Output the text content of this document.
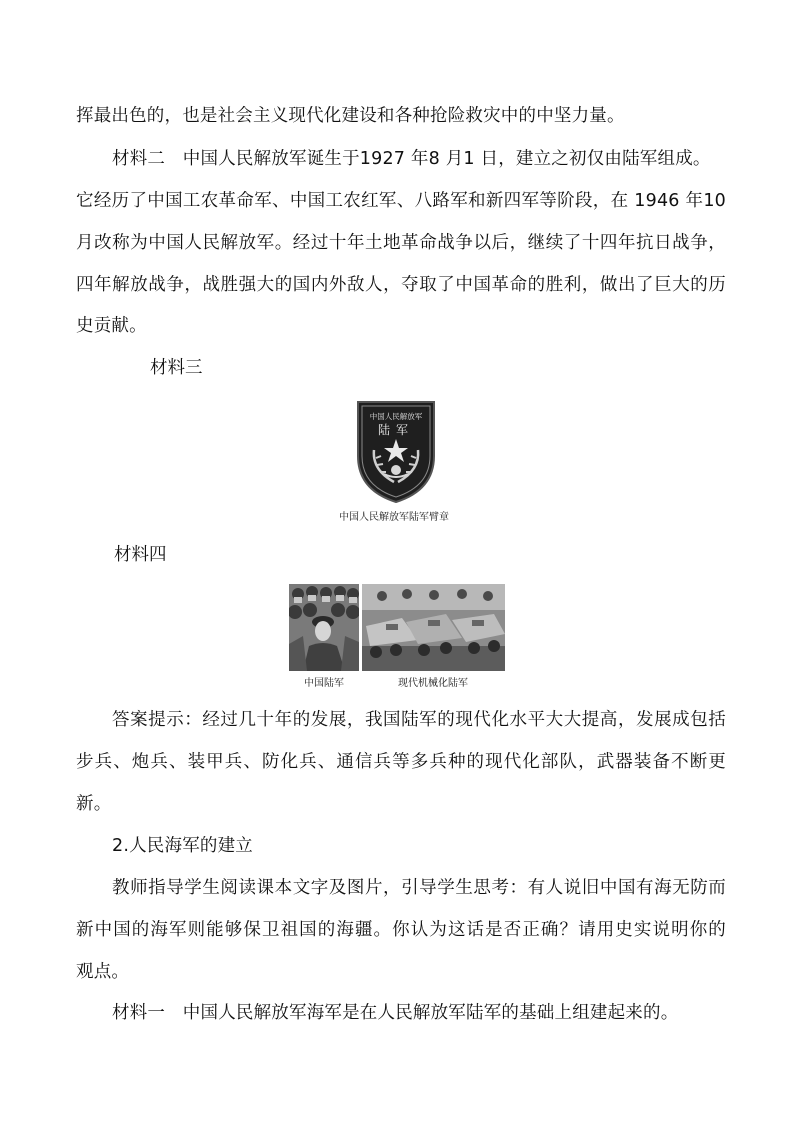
挥最出色的，也是社会主义现代化建设和各种抢险救灾中的中坚力量。
材料二　中国人民解放军诞生于1927 年8 月1 日，建立之初仅由陆军组成。
它经历了中国工农革命军、中国工农红军、八路军和新四军等阶段，在 1946 年10
月改称为中国人民解放军。经过十年土地革命战争以后，继续了十四年抗日战争，
四年解放战争，战胜强大的国内外敌人，夺取了中国革命的胜利，做出了巨大的历
史贡献。
材料三
中国人民解放军
陆军
中国人民解放军陆军臂章
材料四
中国陆军	现代机械化陆军
答案提示：经过几十年的发展，我国陆军的现代化水平大大提高，发展成包括
步兵、炮兵、装甲兵、防化兵、通信兵等多兵种的现代化部队，武器装备不断更
新。
2.人民海军的建立
教师指导学生阅读课本文字及图片，引导学生思考：有人说旧中国有海无防而
新中国的海军则能够保卫祖国的海疆。你认为这话是否正确？请用史实说明你的
观点。
材料一　中国人民解放军海军是在人民解放军陆军的基础上组建起来的。
